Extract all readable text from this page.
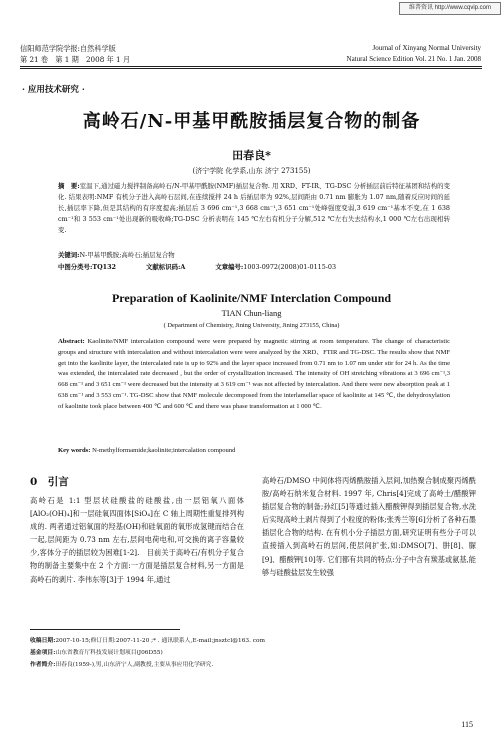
维普资讯 http://www.cqvip.com
信阳师范学院学报:自然科学版
第 21 卷　第 1 期　2008 年 1 月
Journal of Xinyang Normal University
Natural Science Edition Vol. 21 No. 1 Jan. 2008
· 应用技术研究 ·
高岭石/N-甲基甲酰胺插层复合物的制备
田春良*
(济宁学院 化学系,山东 济宁 273155)
摘　要:室温下,通过磁力搅拌制备高岭石/N-甲基甲酰胺(NMF)插层复合物. 用 XRD、FT-IR、TG-DSC 分析插层前后特征基团和结构的变化. 结果表明:NMF 有机分子进入高岭石层间,在连续搅拌 24 h 后插层率为 92%,层间距由 0.71 nm 膨胀为 1.07 nm,随着反应时间的延长,插层率下降,但是其结构的有序度提高;插层后 3 696 cm⁻¹,3 668 cm⁻¹,3 651 cm⁻¹处峰强度变弱,3 619 cm⁻¹基本不变,在 1 638 cm⁻¹和 3 553 cm⁻¹处出现新的吸收峰;TG-DSC 分析表明在 145 ℃左右有机分子分解,512 ℃左右失去结构水,1 000 ℃左右出现相转变.
关键词:N-甲基甲酰胺;高岭石;插层复合物
中图分类号:TQ132	文献标识码:A	文章编号:1003-0972(2008)01-0115-03
Preparation of Kaolinite/NMF Interclation Compound
TIAN Chun-liang
( Department of Chemistry, Jining University, Jining 273155, China)
Abstract: Kaolinite/NMF intercalation compound were were prepared by magnetic stirring at room temperature. The change of characteristic groups and structure with intercalation and without intercalation were were analyzed by the XRD、FTIR and TG-DSC. The results show that NMF get into the kaolinite layer, the intercalated rate is up to 92% and the layer space increased from 0.71 nm to 1.07 nm under stir for 24 h. As the time was extended, the intercalated rate decreased , but the order of crystallization increased. The intensity of OH stretching vibrations at 3 696 cm⁻¹,3 668 cm⁻¹ and 3 651 cm⁻¹ were decreased but the intensity at 3 619 cm⁻¹ was not affected by intercalation. And there were new absorption peak at 1 638 cm⁻¹ and 3 553 cm⁻¹. TG-DSC show that NMF molecule decomposed from the interlamellar space of kaolinite at 145 ℃, the dehydroxylation of kaolinite took place between 400 ℃ and 600 ℃ and there was phase transformation at 1 000 ℃.
Key words: N-methylformamide;kaolinite;intercalation compound
0　引言

高岭石是 1:1 型层状硅酸盐的硅酸盐,由一层铝氧八面体[AlO₂(OH)₄]和一层硅氧四面体[SiO₄]在 C 轴上周期性重复排列构成的. 两者通过铝氧面的羟基(OH)和硅氧面的氧形成氢键而结合在一起,层间距为 0.73 nm 左右,层间电荷电和,可交换的离子容量较少,客体分子的插层较为困难[1-2].　目前关于高岭石/有机分子复合物的制备主要集中在 2 个方面:一方面是插层复合材料,另一方面是高岭石的剥片. 李伟东等[3]于 1994 年,通过

高岭石/DMSO 中间体将丙烯酰胺插入层间,加热聚合制成聚丙烯酰胺/高岭石纳米复合材料. 1997 年, Chris[4]完成了高岭土/醋酸钾插层复合物的制备;孙红[5]等通过插入醋酸钾得到插层复合物,水洗后实现高岭土剥片得到了小粒度的粉体;张秀兰等[6]分析了各种石墨插层化合物的结构. 在有机小分子插层方面,研究证明有些分子可以直接插入到高岭石的层间,使层间扩张,如:DMSO[7]、肼[8]、脲[9]、醋酸钾[10]等. 它们都有共同的特点:分子中含有羰基或氨基,能够与硅酸盐层发生较强

收稿日期:2007-10-15;修订日期:2007-11-20 ;* . 通讯联系人,E-mail:jnsztcl@163. com
基金项目:山东省教育厅科技发展计划项目(J06D55)
作者简介:田春良(1959-),男,山东济宁人,副教授,主要从事应用化学研究.
115
